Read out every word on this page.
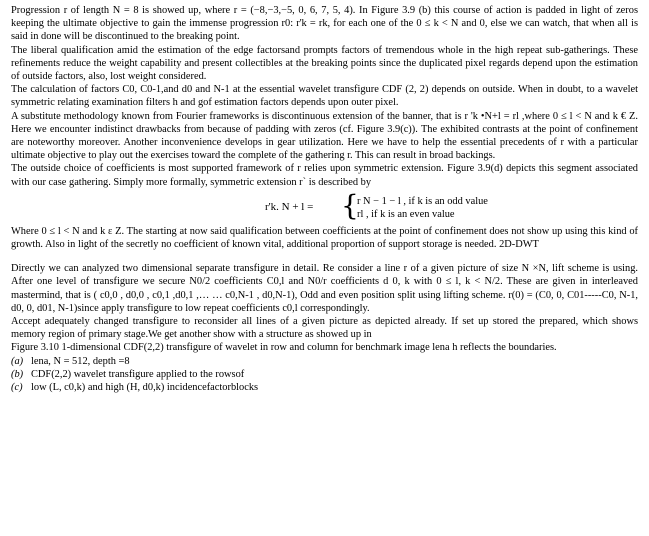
Progression r of length N = 8 is showed up, where r = (−8,−3,−5, 0, 6, 7, 5, 4). In Figure 3.9 (b) this course of action is padded in light of zeros keeping the ultimate objective to gain the immense progression r0: r'k = rk, for each one of the 0 ≤ k < N and 0, else we can watch, that when all is said in done will be discontinued to the breaking point.

The liberal qualification amid the estimation of the edge factorsand prompts factors of tremendous whole in the high repeat sub-gatherings. These refinements reduce the weight capability and present collectibles at the breaking points since the duplicated pixel regards depend upon the estimation of outside factors, also, lost weight considered.

The calculation of factors C0, C0-1,and d0 and N-1 at the essential wavelet transfigure CDF (2, 2) depends on outside. When in doubt, to a wavelet symmetric relating examination filters h and gof estimation factors depends upon outer pixel.

A substitute methodology known from Fourier frameworks is discontinuous extension of the banner, that is r 'k •N+l = rl ,where 0 ≤ l < N and k € Z. Here we encounter indistinct drawbacks from because of padding with zeros (cf. Figure 3.9(c)). The exhibited contrasts at the point of confinement are noteworthy moreover. Another inconvenience develops in gear utilization. Here we have to help the essential precedents of r with a particular ultimate objective to play out the exercises toward the complete of the gathering r. This can result in broad backings.

The outside choice of coefficients is most supported framework of r relies upon symmetric extension. Figure 3.9(d) depicts this segment associated with our case gathering. Simply more formally, symmetric extension r` is described by

r'k. N + l = {
r N − 1 − l , if k is an odd value
rl , if k is an even value

Where 0 ≤ l < N and k ε Z. The starting at now said qualification between coefficients at the point of confinement does not show up using this kind of growth. Also in light of the secretly no coefficient of known vital, additional proportion of support storage is needed. 2D-DWT

Directly we can analyzed two dimensional separate transfigure in detail. Re consider a line r of a given picture of size N ×N, lift scheme is using. After one level of transfigure we secure N0/2 coefficients C0,l and N0/r coefficients d 0, k with 0 ≤ l, k < N/2. These are given in interleaved mastermind, that is ( c0,0 , d0,0 , c0,1 ,d0,1 ,… … c0,N-1 , d0,N-1), Odd and even position split using lifting scheme. r(0) = (C0, 0, C01-----C0, N-1, d0, 0, d01, N-1)since apply transfigure to low repeat coefficients c0,l correspondingly.

Accept adequately changed transfigure to reconsider all lines of a given picture as depicted already. If set up stored the prepared, which shows memory region of primary stage.We get another show with a structure as showed up in

Figure 3.10 1-dimensional CDF(2,2) transfigure of wavelet in row and column for benchmark image lena h reflects the boundaries.

(a) lena, N = 512, depth =8
(b) CDF(2,2) wavelet transfigure applied to the rowsof
(c) low (L, c0,k) and high (H, d0,k) incidencefactorblocks
